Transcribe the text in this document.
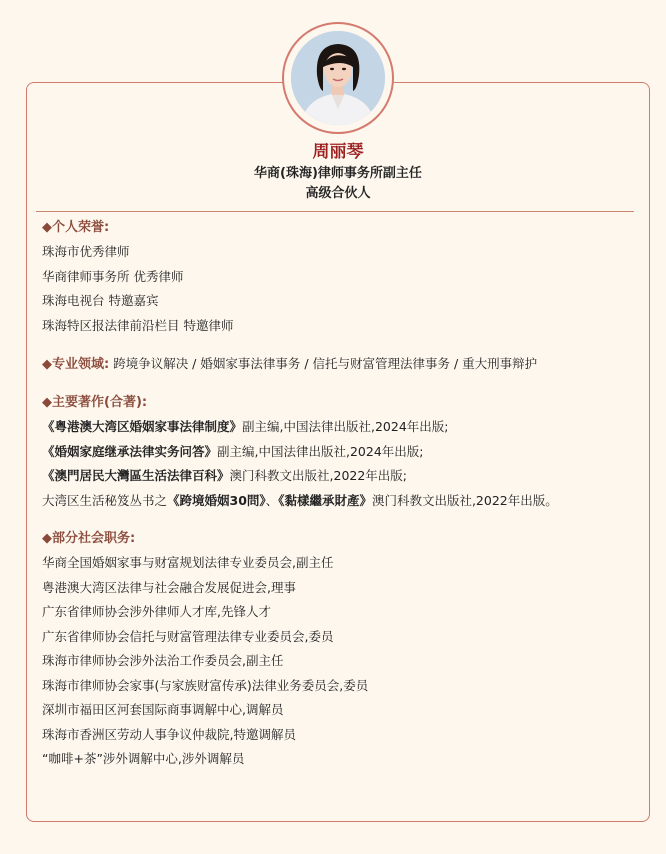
周丽琴
华商(珠海)律师事务所副主任
高级合伙人
◆个人荣誉:
珠海市优秀律师
华商律师事务所 优秀律师
珠海电视台 特邀嘉宾
珠海特区报法律前沿栏目 特邀律师
◆专业领域: 跨境争议解决 / 婚姻家事法律事务 / 信托与财富管理法律事务 / 重大刑事辩护
◆主要著作(合著):
《粤港澳大湾区婚姻家事法律制度》副主编,中国法律出版社,2024年出版;
《婚姻家庭继承法律实务问答》副主编,中国法律出版社,2024年出版;
《澳門居民大灣區生活法律百科》澳门科教文出版社,2022年出版;
大湾区生活秘笈丛书之《跨境婚姻30問》、《黏樣繼承財產》澳门科教文出版社,2022年出版。
◆部分社会职务:
华商全国婚姻家事与财富规划法律专业委员会,副主任
粤港澳大湾区法律与社会融合发展促进会,理事
广东省律师协会涉外律师人才库,先锋人才
广东省律师协会信托与财富管理法律专业委员会,委员
珠海市律师协会涉外法治工作委员会,副主任
珠海市律师协会家事(与家族财富传承)法律业务委员会,委员
深圳市福田区河套国际商事调解中心,调解员
珠海市香洲区劳动人事争议仲裁院,特邀调解员
“咖啡+茶”涉外调解中心,涉外调解员
